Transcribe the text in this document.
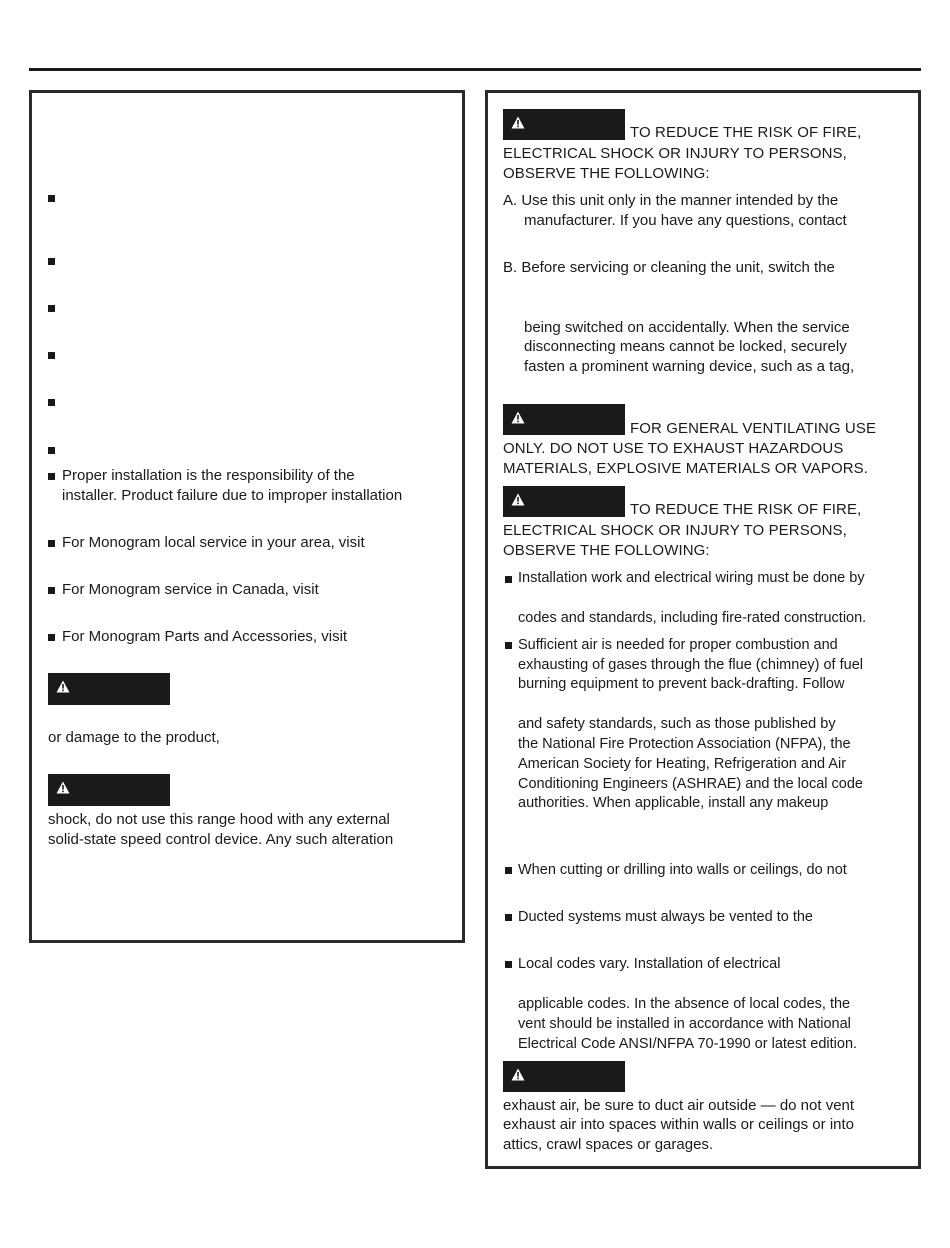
Proper installation is the responsibility of the
installer. Product failure due to improper installation
For Monogram local service in your area, visit
For Monogram service in Canada, visit
For Monogram Parts and Accessories, visit
or damage to the product,
shock, do not use this range hood with any external
solid-state speed control device. Any such alteration
TO REDUCE THE RISK OF FIRE,
ELECTRICAL SHOCK OR INJURY TO PERSONS,
OBSERVE THE FOLLOWING:
A. Use this unit only in the manner intended by the
manufacturer. If you have any questions, contact
B. Before servicing or cleaning the unit, switch the
being switched on accidentally. When the service
disconnecting means cannot be locked, securely
fasten a prominent warning device, such as a tag,
FOR GENERAL VENTILATING USE
ONLY. DO NOT USE TO EXHAUST HAZARDOUS
MATERIALS, EXPLOSIVE MATERIALS OR VAPORS.
TO REDUCE THE RISK OF FIRE,
ELECTRICAL SHOCK OR INJURY TO PERSONS,
OBSERVE THE FOLLOWING:
Installation work and electrical wiring must be done by
codes and standards, including fire-rated construction.
Sufficient air is needed for proper combustion and
exhausting of gases through the flue (chimney) of fuel
burning equipment to prevent back-drafting. Follow
and safety standards, such as those published by
the National Fire Protection Association (NFPA), the
American Society for Heating, Refrigeration and Air
Conditioning Engineers (ASHRAE) and the local code
authorities. When applicable, install any makeup
When cutting or drilling into walls or ceilings, do not
Ducted systems must always be vented to the
Local codes vary. Installation of electrical
applicable codes. In the absence of local codes, the
vent should be installed in accordance with National
Electrical Code ANSI/NFPA 70-1990 or latest edition.
exhaust air, be sure to duct air outside — do not vent
exhaust air into spaces within walls or ceilings or into
attics, crawl spaces or garages.
